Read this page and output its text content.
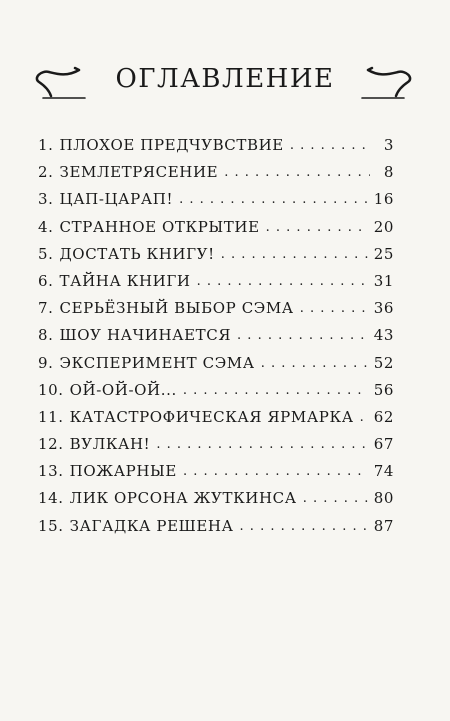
ОГЛАВЛЕНИЕ
1. ПЛОХОЕ ПРЕДЧУВСТВИЕ . . .	3
2. ЗЕМЛЕТРЯСЕНИЕ . . .	8
3. ЦАП-ЦАРАП! . . .	16
4. СТРАННОЕ ОТКРЫТИЕ . . .	20
5. ДОСТАТЬ КНИГУ! . . .	25
6. ТАЙНА КНИГИ . . .	31
7. СЕРЬЁЗНЫЙ ВЫБОР СЭМА . . .	36
8. ШОУ НАЧИНАЕТСЯ . . .	43
9. ЭКСПЕРИМЕНТ СЭМА . . .	52
10. ОЙ-ОЙ-ОЙ... . . .	56
11. КАТАСТРОФИЧЕСКАЯ ЯРМАРКА . . . 62
12. ВУЛКАН! . . .	67
13. ПОЖАРНЫЕ . . .	74
14. ЛИК ОРСОНА ЖУТКИНСА . . .	80
15. ЗАГАДКА РЕШЕНА . . .	87
